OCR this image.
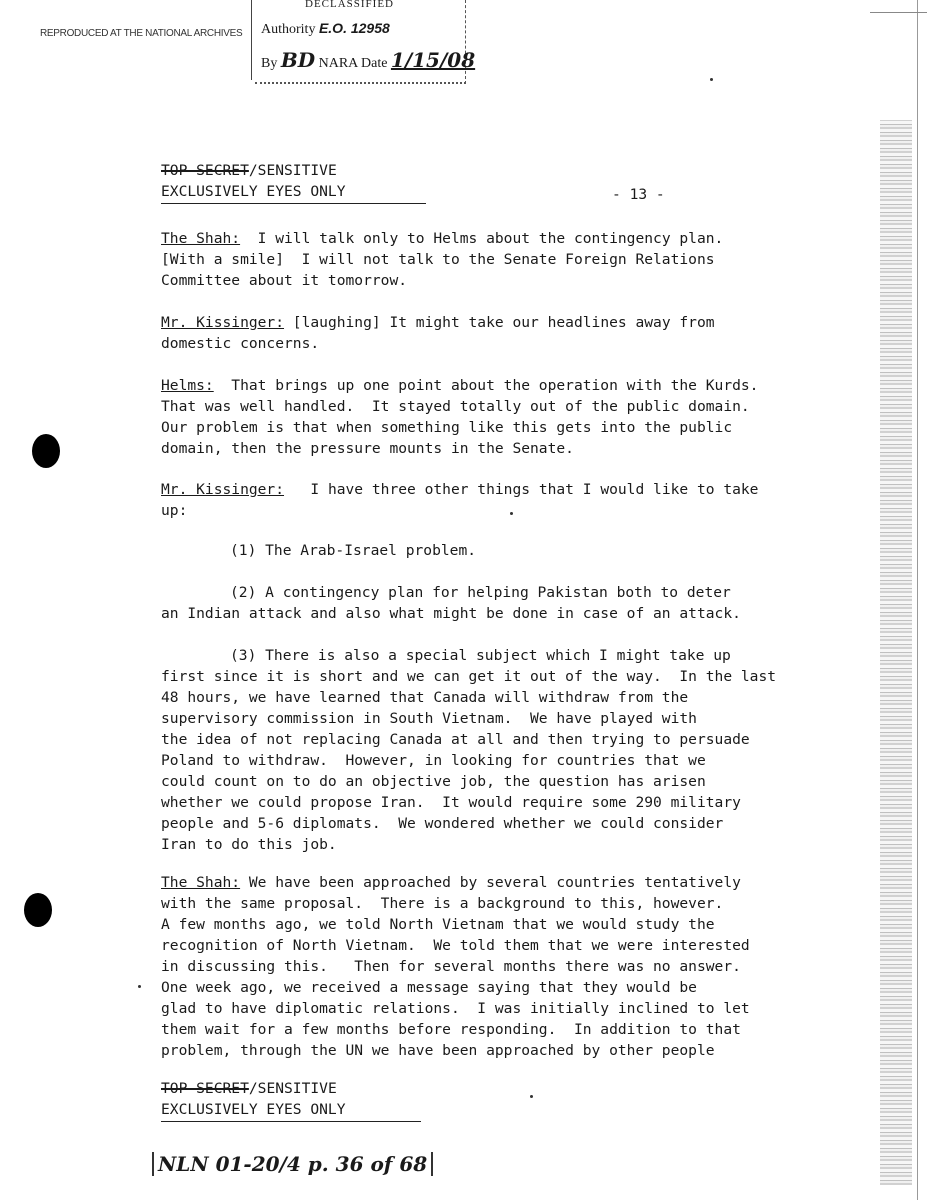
REPRODUCED AT THE NATIONAL ARCHIVES
DECLASSIFIED
Authority E.O. 12958
By BD NARA Date 1/15/08
TOP SECRET/SENSITIVE
EXCLUSIVELY EYES ONLY	- 13 -
The Shah:  I will talk only to Helms about the contingency plan.
[With a smile]  I will not talk to the Senate Foreign Relations
Committee about it tomorrow.
Mr. Kissinger: [laughing] It might take our headlines away from
domestic concerns.
Helms:  That brings up one point about the operation with the Kurds.
That was well handled.  It stayed totally out of the public domain.
Our problem is that when something like this gets into the public
domain, then the pressure mounts in the Senate.
Mr. Kissinger:   I have three other things that I would like to take
up:
(1) The Arab-Israel problem.
(2) A contingency plan for helping Pakistan both to deter
an Indian attack and also what might be done in case of an attack.
(3) There is also a special subject which I might take up
first since it is short and we can get it out of the way.  In the last
48 hours, we have learned that Canada will withdraw from the
supervisory commission in South Vietnam.  We have played with
the idea of not replacing Canada at all and then trying to persuade
Poland to withdraw.  However, in looking for countries that we
could count on to do an objective job, the question has arisen
whether we could propose Iran.  It would require some 290 military
people and 5-6 diplomats.  We wondered whether we could consider
Iran to do this job.
The Shah: We have been approached by several countries tentatively
with the same proposal.  There is a background to this, however.
A few months ago, we told North Vietnam that we would study the
recognition of North Vietnam.  We told them that we were interested
in discussing this.   Then for several months there was no answer.
One week ago, we received a message saying that they would be
glad to have diplomatic relations.  I was initially inclined to let
them wait for a few months before responding.  In addition to that
problem, through the UN we have been approached by other people
TOP SECRET/SENSITIVE
EXCLUSIVELY EYES ONLY
NLN 01-20/4 p. 36 of 68
